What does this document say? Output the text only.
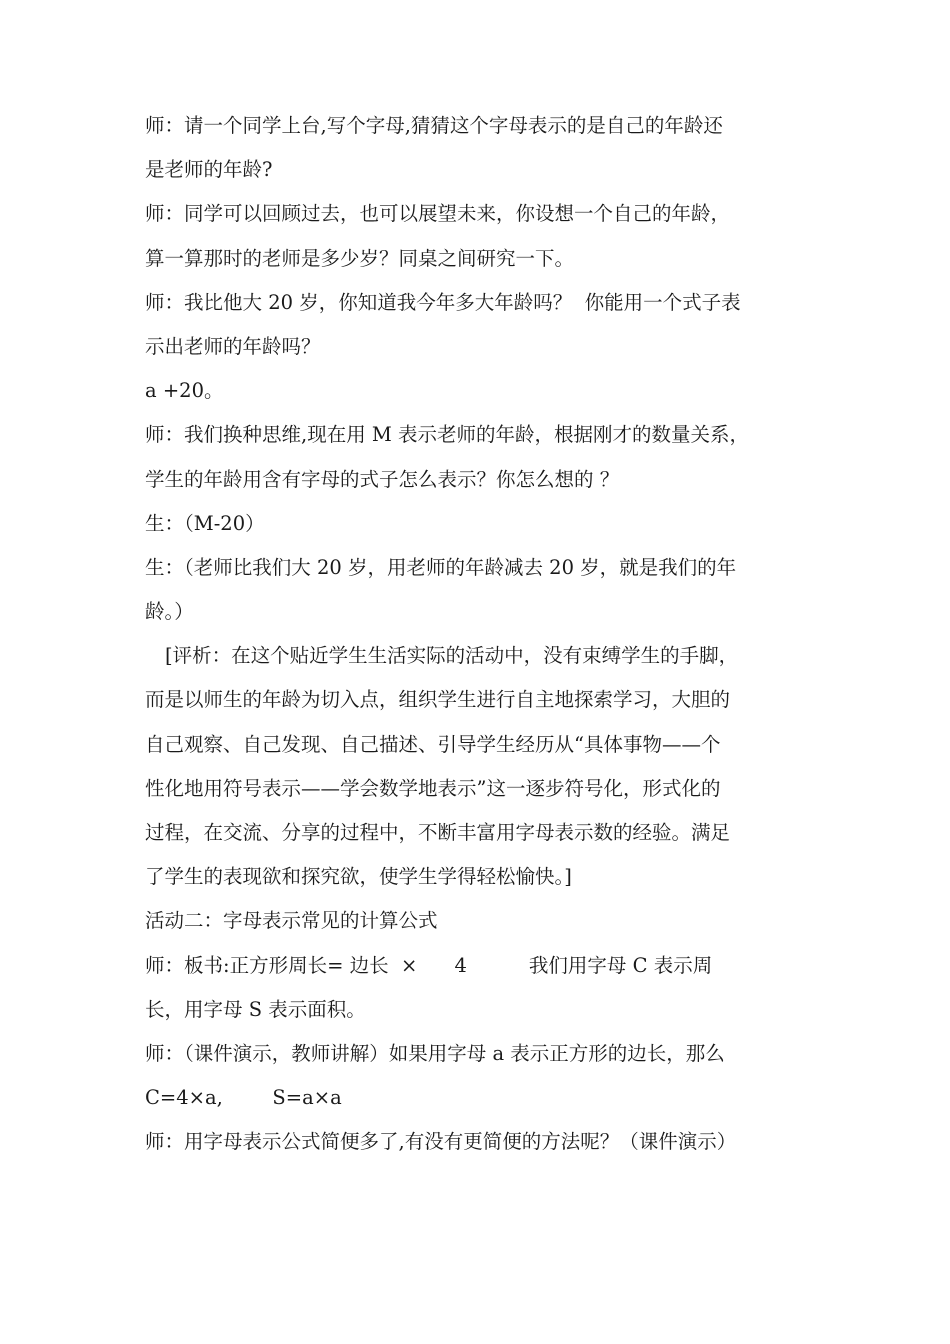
师：请一个同学上台,写个字母,猜猜这个字母表示的是自己的年龄还
是老师的年龄?
师：同学可以回顾过去，也可以展望未来，你设想一个自己的年龄，
算一算那时的老师是多少岁？同桌之间研究一下。
师：我比他大 20 岁，你知道我今年多大年龄吗？  你能用一个式子表
示出老师的年龄吗？
a +20。
师：我们换种思维,现在用 M 表示老师的年龄，根据刚才的数量关系，
学生的年龄用含有字母的式子怎么表示？你怎么想的 ？
生：（M-20）
生：（老师比我们大 20 岁，用老师的年龄减去 20 岁，就是我们的年
龄。）
[评析：在这个贴近学生生活实际的活动中，没有束缚学生的手脚，
而是以师生的年龄为切入点，组织学生进行自主地探索学习，大胆的
自己观察、自己发现、自己描述、引导学生经历从“具体事物——个
性化地用符号表示——学会数学地表示”这一逐步符号化，形式化的
过程，在交流、分享的过程中，不断丰富用字母表示数的经验。满足
了学生的表现欲和探究欲，使学生学得轻松愉快。]
活动二：字母表示常见的计算公式
师：板书:正方形周长= 边长  ×      4          我们用字母 C 表示周
长，用字母 S 表示面积。
师：（课件演示，教师讲解）如果用字母 a 表示正方形的边长，那么
C=4×a,        S=a×a
师：用字母表示公式简便多了,有没有更简便的方法呢？（课件演示）
